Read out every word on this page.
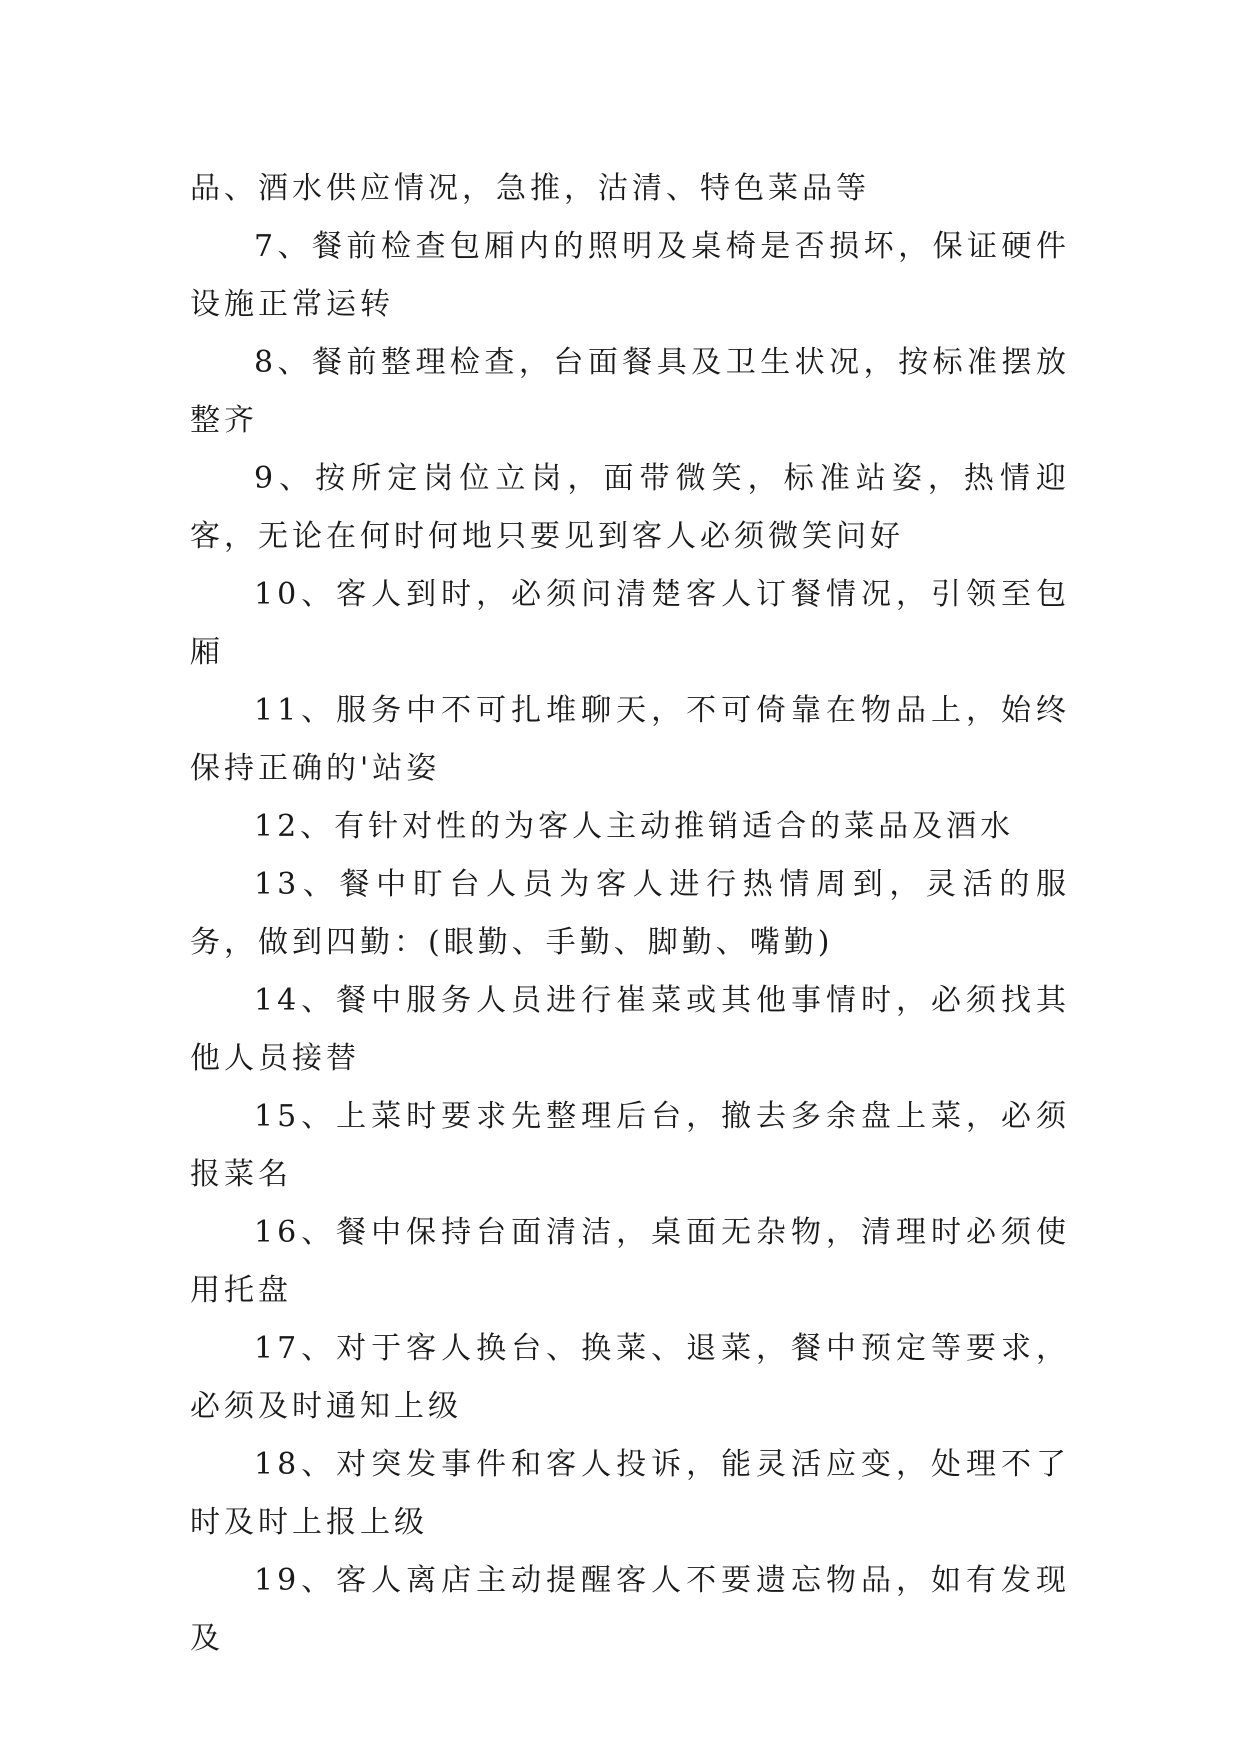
品、酒水供应情况，急推，沽清、特色菜品等

7、餐前检查包厢内的照明及桌椅是否损坏，保证硬件设施正常运转

8、餐前整理检查，台面餐具及卫生状况，按标准摆放整齐

9、按所定岗位立岗，面带微笑，标准站姿，热情迎客，无论在何时何地只要见到客人必须微笑问好

10、客人到时，必须问清楚客人订餐情况，引领至包厢

11、服务中不可扎堆聊天，不可倚靠在物品上，始终保持正确的'站姿

12、有针对性的为客人主动推销适合的菜品及酒水

13、餐中盯台人员为客人进行热情周到，灵活的服务，做到四勤：(眼勤、手勤、脚勤、嘴勤)

14、餐中服务人员进行崔菜或其他事情时，必须找其他人员接替

15、上菜时要求先整理后台，撤去多余盘上菜，必须报菜名

16、餐中保持台面清洁，桌面无杂物，清理时必须使用托盘

17、对于客人换台、换菜、退菜，餐中预定等要求，必须及时通知上级

18、对突发事件和客人投诉，能灵活应变，处理不了时及时上报上级

19、客人离店主动提醒客人不要遗忘物品，如有发现及
